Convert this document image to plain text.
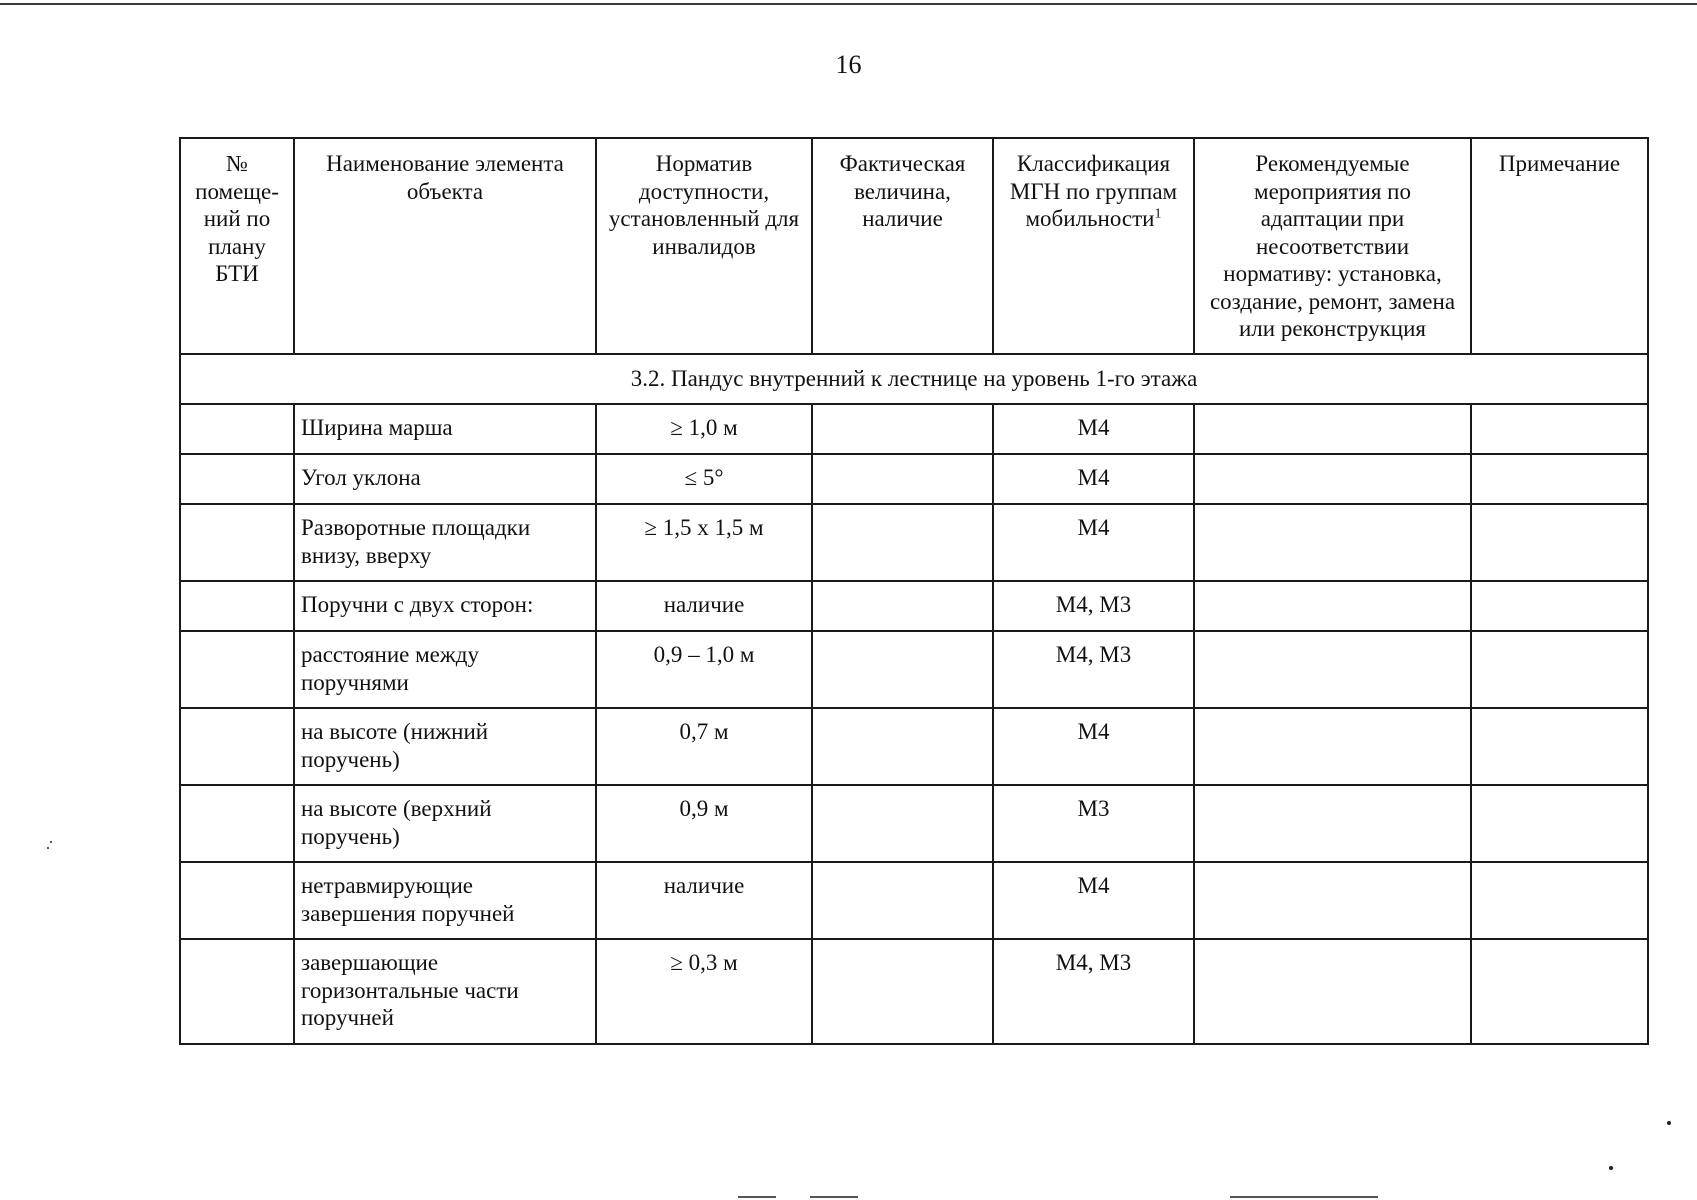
16
№ помеще-ний по плану БТИ	Наименование элемента объекта	Норматив доступности, установленный для инвалидов	Фактическая величина, наличие	Классификация МГН по группам мобильности$^1$	Рекомендуемые мероприятия по адаптации при несоответствии нормативу: установка, создание, ремонт, замена или реконструкция	Примечание
3.2. Пандус внутренний к лестнице на уровень 1-го этажа						
	Ширина марша	≥ 1,0 м		М4		
	Угол уклона	≤ 5°		М4		
	Разворотные площадки внизу, вверху	≥ 1,5 x 1,5 м		М4		
	Поручни с двух сторон:	наличие		М4, М3		
	расстояние между поручнями	0,9 – 1,0 м		М4, М3		
	на высоте (нижний поручень)	0,7 м		М4		
	на высоте (верхний поручень)	0,9 м		М3		
	нетравмирующие завершения поручней	наличие		М4		
	завершающие горизонтальные части поручней	≥ 0,3 м		М4, М3		
